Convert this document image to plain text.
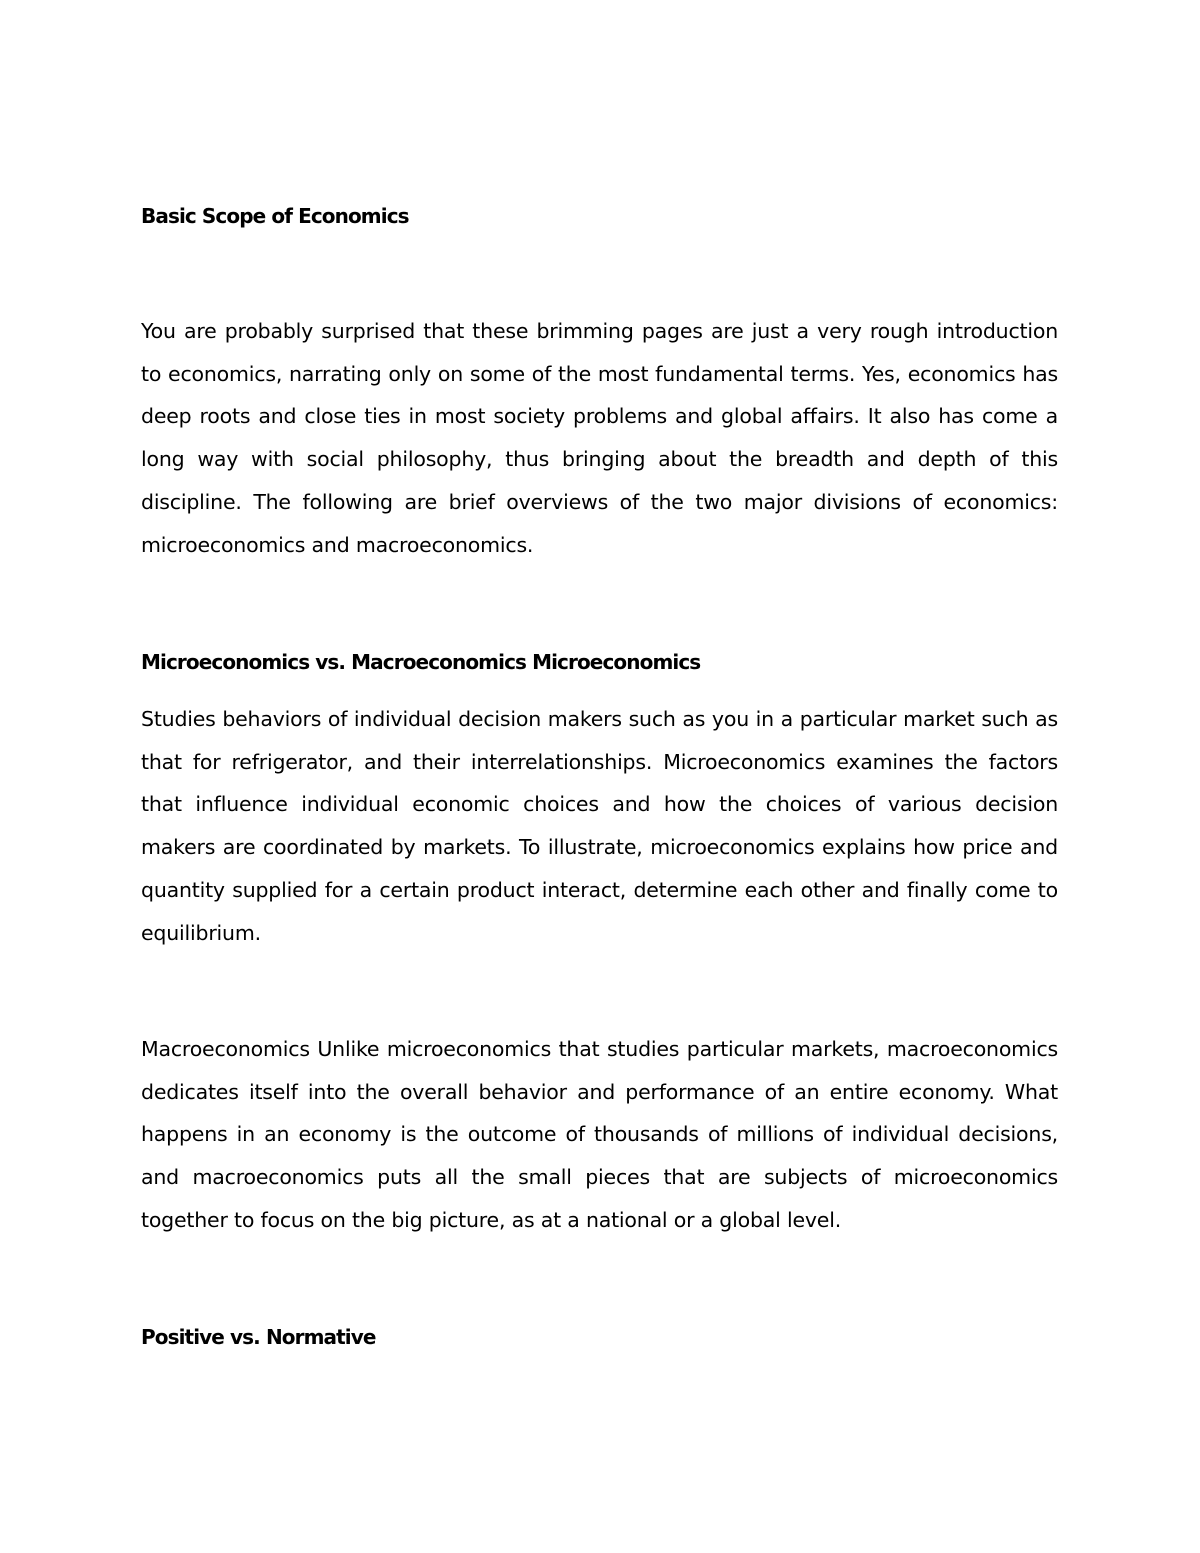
Basic Scope of Economics

You are probably surprised that these brimming pages are just a very rough introduction to economics, narrating only on some of the most fundamental terms. Yes, economics has deep roots and close ties in most society problems and global affairs. It also has come a long way with social philosophy, thus bringing about the breadth and depth of this discipline. The following are brief overviews of the two major divisions of economics: microeconomics and macroeconomics.

Microeconomics vs. Macroeconomics Microeconomics

Studies behaviors of individual decision makers such as you in a particular market such as that for refrigerator, and their interrelationships. Microeconomics examines the factors that influence individual economic choices and how the choices of various decision makers are coordinated by markets. To illustrate, microeconomics explains how price and quantity supplied for a certain product interact, determine each other and finally come to equilibrium.

Macroeconomics Unlike microeconomics that studies particular markets, macroeconomics dedicates itself into the overall behavior and performance of an entire economy. What happens in an economy is the outcome of thousands of millions of individual decisions, and macroeconomics puts all the small pieces that are subjects of microeconomics together to focus on the big picture, as at a national or a global level.

Positive vs. Normative
